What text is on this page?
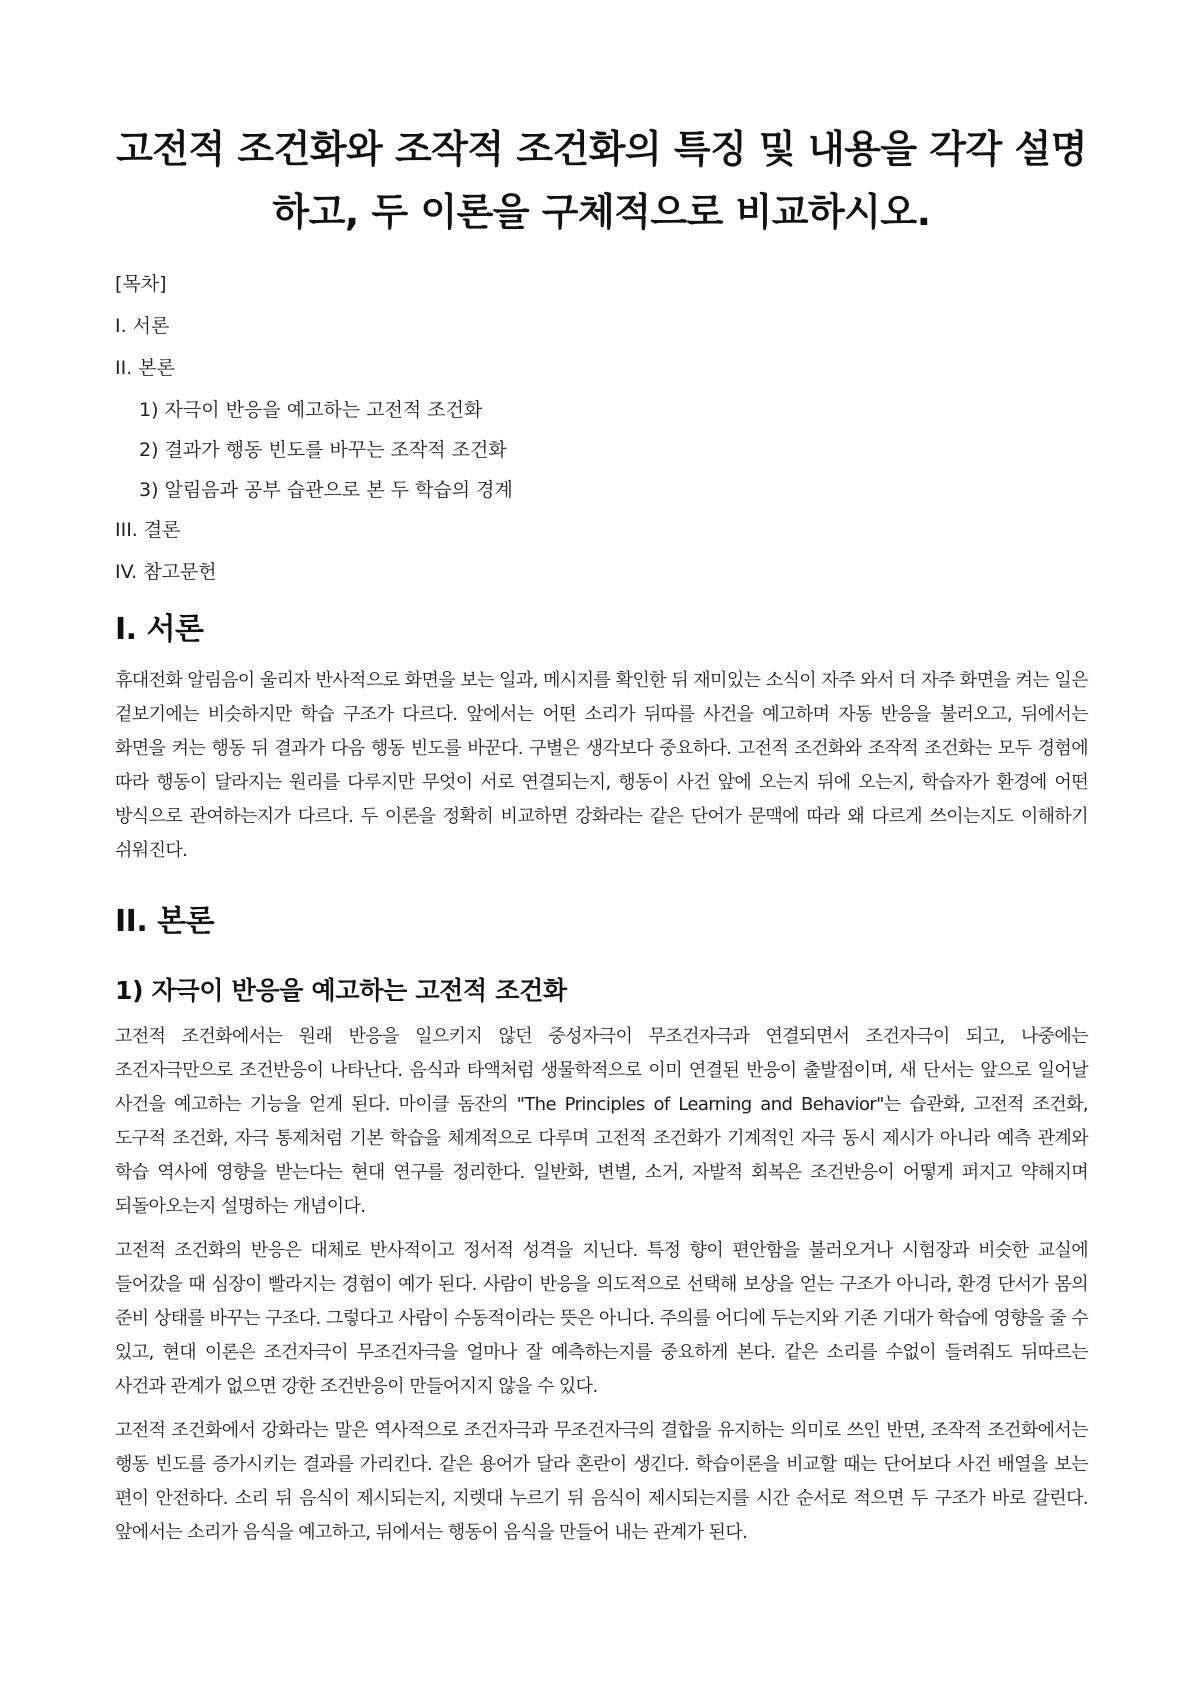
고전적 조건화와 조작적 조건화의 특징 및 내용을 각각 설명하고, 두 이론을 구체적으로 비교하시오.
[목차]
I. 서론
II. 본론
1) 자극이 반응을 예고하는 고전적 조건화
2) 결과가 행동 빈도를 바꾸는 조작적 조건화
3) 알림음과 공부 습관으로 본 두 학습의 경계
III. 결론
IV. 참고문헌
I. 서론

휴대전화 알림음이 울리자 반사적으로 화면을 보는 일과, 메시지를 확인한 뒤 재미있는 소식이 자주 와서 더 자주 화면을 켜는 일은 겉보기에는 비슷하지만 학습 구조가 다르다. 앞에서는 어떤 소리가 뒤따를 사건을 예고하며 자동 반응을 불러오고, 뒤에서는 화면을 켜는 행동 뒤 결과가 다음 행동 빈도를 바꾼다. 구별은 생각보다 중요하다. 고전적 조건화와 조작적 조건화는 모두 경험에 따라 행동이 달라지는 원리를 다루지만 무엇이 서로 연결되는지, 행동이 사건 앞에 오는지 뒤에 오는지, 학습자가 환경에 어떤 방식으로 관여하는지가 다르다. 두 이론을 정확히 비교하면 강화라는 같은 단어가 문맥에 따라 왜 다르게 쓰이는지도 이해하기 쉬워진다.

II. 본론
1) 자극이 반응을 예고하는 고전적 조건화

고전적 조건화에서는 원래 반응을 일으키지 않던 중성자극이 무조건자극과 연결되면서 조건자극이 되고, 나중에는 조건자극만으로 조건반응이 나타난다. 음식과 타액처럼 생물학적으로 이미 연결된 반응이 출발점이며, 새 단서는 앞으로 일어날 사건을 예고하는 기능을 얻게 된다. 마이클 돔잔의 "The Principles of Learning and Behavior"는 습관화, 고전적 조건화, 도구적 조건화, 자극 통제처럼 기본 학습을 체계적으로 다루며 고전적 조건화가 기계적인 자극 동시 제시가 아니라 예측 관계와 학습 역사에 영향을 받는다는 현대 연구를 정리한다. 일반화, 변별, 소거, 자발적 회복은 조건반응이 어떻게 퍼지고 약해지며 되돌아오는지 설명하는 개념이다.

고전적 조건화의 반응은 대체로 반사적이고 정서적 성격을 지닌다. 특정 향이 편안함을 불러오거나 시험장과 비슷한 교실에 들어갔을 때 심장이 빨라지는 경험이 예가 된다. 사람이 반응을 의도적으로 선택해 보상을 얻는 구조가 아니라, 환경 단서가 몸의 준비 상태를 바꾸는 구조다. 그렇다고 사람이 수동적이라는 뜻은 아니다. 주의를 어디에 두는지와 기존 기대가 학습에 영향을 줄 수 있고, 현대 이론은 조건자극이 무조건자극을 얼마나 잘 예측하는지를 중요하게 본다. 같은 소리를 수없이 들려줘도 뒤따르는 사건과 관계가 없으면 강한 조건반응이 만들어지지 않을 수 있다.

고전적 조건화에서 강화라는 말은 역사적으로 조건자극과 무조건자극의 결합을 유지하는 의미로 쓰인 반면, 조작적 조건화에서는 행동 빈도를 증가시키는 결과를 가리킨다. 같은 용어가 달라 혼란이 생긴다. 학습이론을 비교할 때는 단어보다 사건 배열을 보는 편이 안전하다. 소리 뒤 음식이 제시되는지, 지렛대 누르기 뒤 음식이 제시되는지를 시간 순서로 적으면 두 구조가 바로 갈린다. 앞에서는 소리가 음식을 예고하고, 뒤에서는 행동이 음식을 만들어 내는 관계가 된다.
